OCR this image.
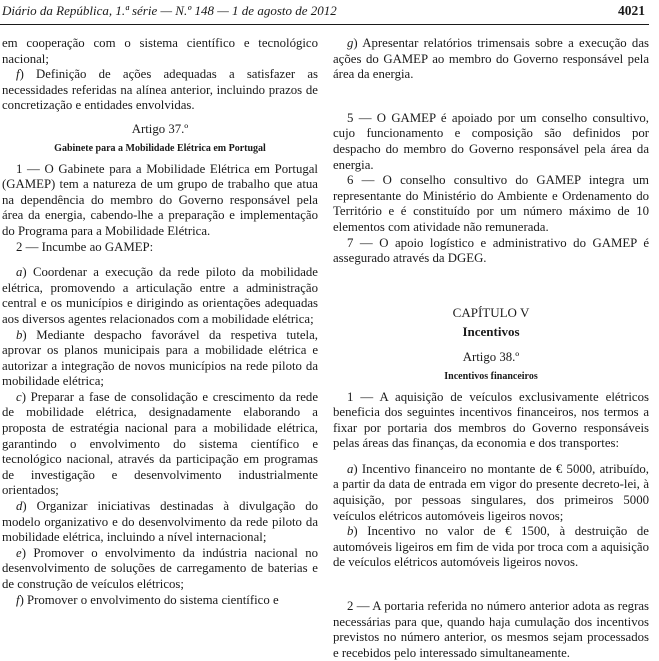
Diário da República, 1.ª série — N.º 148 — 1 de agosto de 2012	4021

em cooperação com o sistema científico e tecnológico nacional;

f) Definição de ações adequadas a satisfazer as necessidades referidas na alínea anterior, incluindo prazos de concretização e entidades envolvidas.

Artigo 37.º

Gabinete para a Mobilidade Elétrica em Portugal

1 — O Gabinete para a Mobilidade Elétrica em Portugal (GAMEP) tem a natureza de um grupo de trabalho que atua na dependência do membro do Governo responsável pela área da energia, cabendo-lhe a preparação e implementação do Programa para a Mobilidade Elétrica.

2 — Incumbe ao GAMEP:

a) Coordenar a execução da rede piloto da mobilidade elétrica, promovendo a articulação entre a administração central e os municípios e dirigindo as orientações adequadas aos diversos agentes relacionados com a mobilidade elétrica;

b) Mediante despacho favorável da respetiva tutela, aprovar os planos municipais para a mobilidade elétrica e autorizar a integração de novos municípios na rede piloto da mobilidade elétrica;

c) Preparar a fase de consolidação e crescimento da rede de mobilidade elétrica, designadamente elaborando a proposta de estratégia nacional para a mobilidade elétrica, garantindo o envolvimento do sistema científico e tecnológico nacional, através da participação em programas de investigação e desenvolvimento industrialmente orientados;

d) Organizar iniciativas destinadas à divulgação do modelo organizativo e do desenvolvimento da rede piloto da mobilidade elétrica, incluindo a nível internacional;

e) Promover o envolvimento da indústria nacional no desenvolvimento de soluções de carregamento de baterias e de construção de veículos elétricos;

f) Promover o envolvimento do sistema científico e

g) Apresentar relatórios trimensais sobre a execução das ações do GAMEP ao membro do Governo responsável pela área da energia.

5 — O GAMEP é apoiado por um conselho consultivo, cujo funcionamento e composição são definidos por despacho do membro do Governo responsável pela área da energia.

6 — O conselho consultivo do GAMEP integra um representante do Ministério do Ambiente e Ordenamento do Território e é constituído por um número máximo de 10 elementos com atividade não remunerada.

7 — O apoio logístico e administrativo do GAMEP é assegurado através da DGEG.

CAPÍTULO V

Incentivos

Artigo 38.º

Incentivos financeiros

1 — A aquisição de veículos exclusivamente elétricos beneficia dos seguintes incentivos financeiros, nos termos a fixar por portaria dos membros do Governo responsáveis pelas áreas das finanças, da economia e dos transportes:

a) Incentivo financeiro no montante de € 5000, atribuído, a partir da data de entrada em vigor do presente decreto-lei, à aquisição, por pessoas singulares, dos primeiros 5000 veículos elétricos automóveis ligeiros novos;

b) Incentivo no valor de € 1500, à destruição de automóveis ligeiros em fim de vida por troca com a aquisição de veículos elétricos automóveis ligeiros novos.

2 — A portaria referida no número anterior adota as regras necessárias para que, quando haja cumulação dos incentivos previstos no número anterior, os mesmos sejam processados e recebidos pelo interessado simultaneamente.
